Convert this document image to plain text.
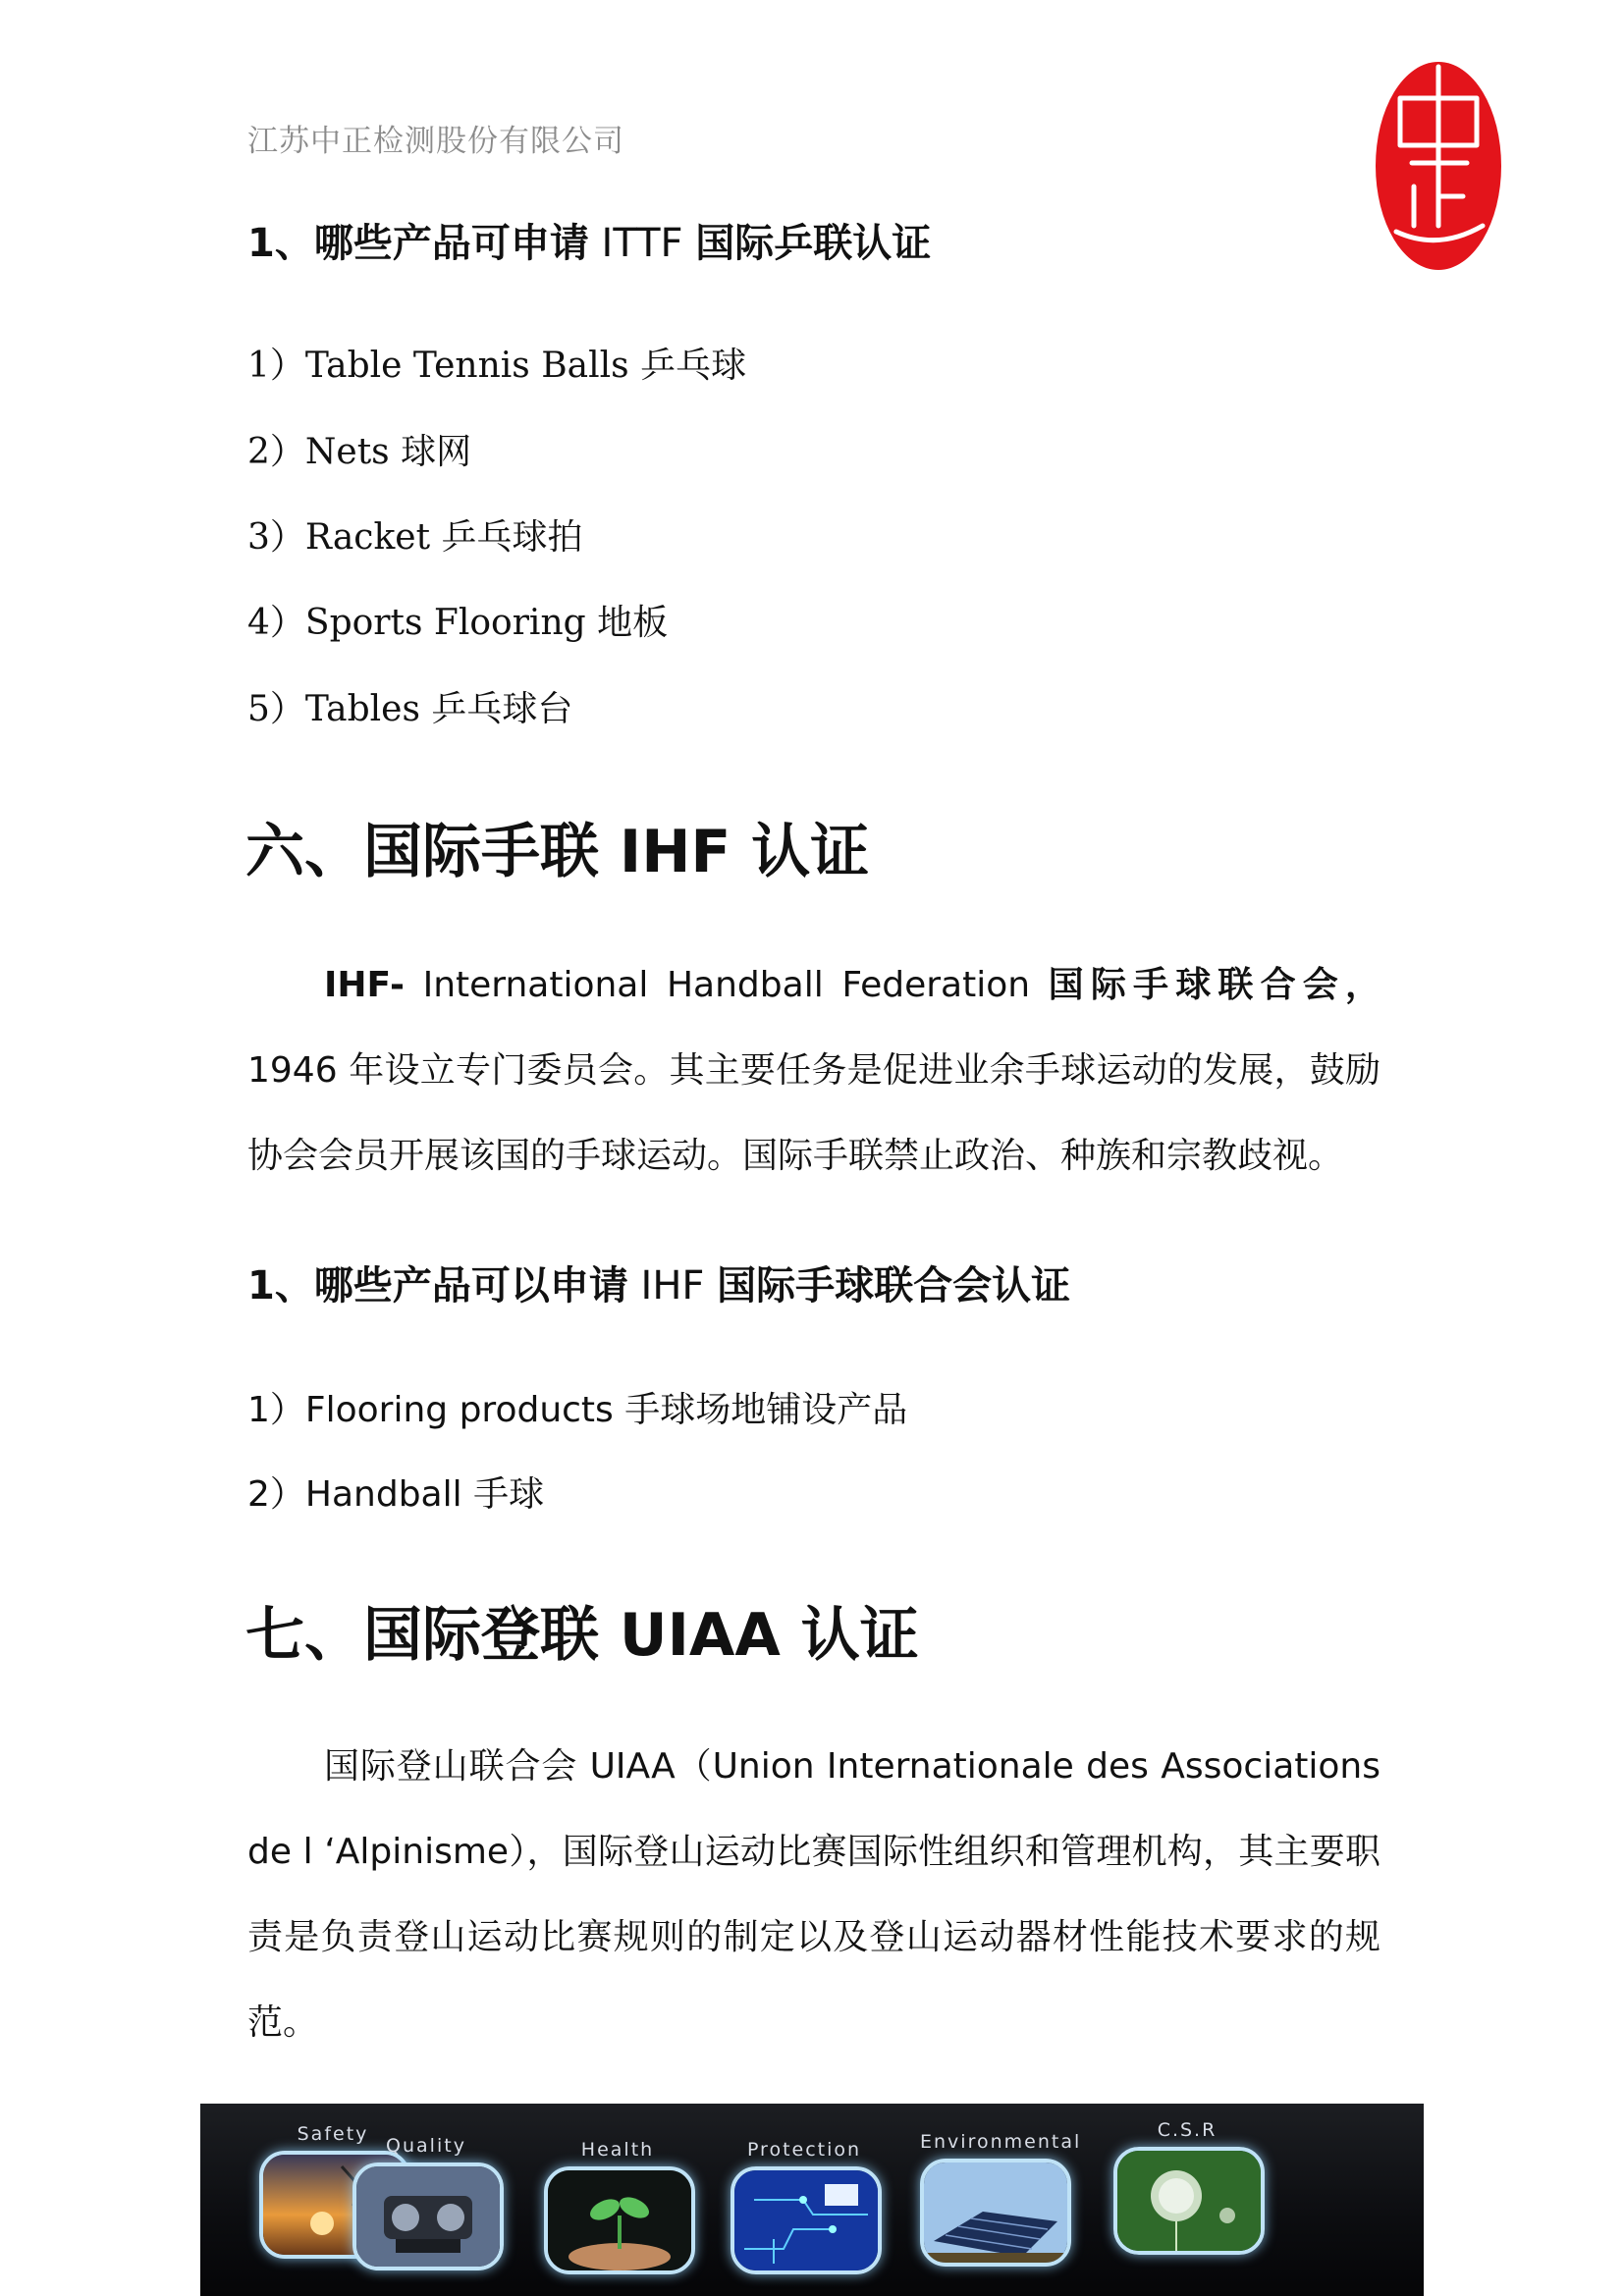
江苏中正检测股份有限公司
1、哪些产品可申请 ITTF 国际乒联认证
1）Table Tennis Balls 乒乓球
2）Nets 球网
3）Racket 乒乓球拍
4）Sports Flooring 地板
5）Tables 乒乓球台
六、国际手联 IHF 认证
IHF- International Handball Federation 国际手球联合会，1946 年设立专门委员会。其主要任务是促进业余手球运动的发展，鼓励协会会员开展该国的手球运动。国际手联禁止政治、种族和宗教歧视。
1、哪些产品可以申请 IHF 国际手球联合会认证
1）Flooring products 手球场地铺设产品
2）Handball 手球
七、国际登联 UIAA 认证
国际登山联合会 UIAA（Union Internationale des Associations de l ‘Alpinisme），国际登山运动比赛国际性组织和管理机构，其主要职责是负责登山运动比赛规则的制定以及登山运动器材性能技术要求的规范。
Safety
Quality	Health	Protection	Environmental
C.S.R
